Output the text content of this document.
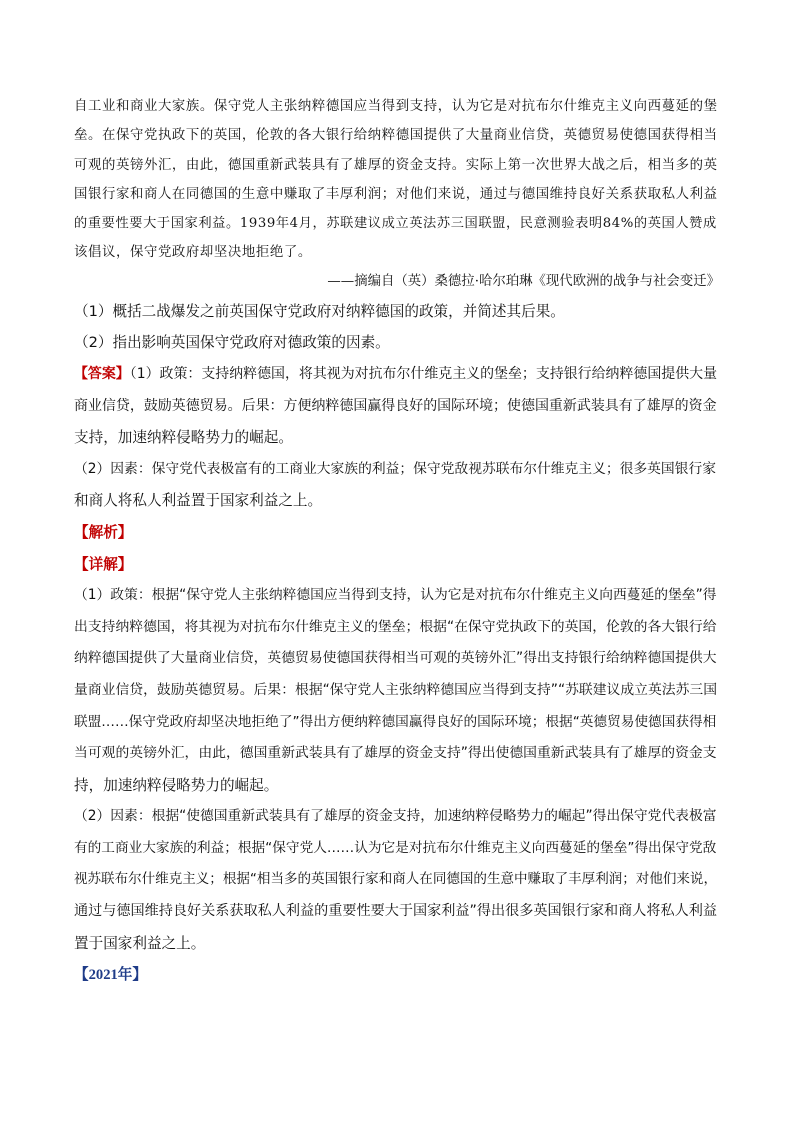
自工业和商业大家族。保守党人主张纳粹德国应当得到支持，认为它是对抗布尔什维克主义向西蔓延的堡
垒。在保守党执政下的英国，伦敦的各大银行给纳粹德国提供了大量商业信贷，英德贸易使德国获得相当
可观的英镑外汇，由此，德国重新武装具有了雄厚的资金支持。实际上第一次世界大战之后，相当多的英
国银行家和商人在同德国的生意中赚取了丰厚利润；对他们来说，通过与德国维持良好关系获取私人利益
的重要性要大于国家利益。1939年4月，苏联建议成立英法苏三国联盟，民意测验表明84%的英国人赞成
该倡议，保守党政府却坚决地拒绝了。

——摘编自（英）桑德拉·哈尔珀琳《现代欧洲的战争与社会变迁》

（1）概括二战爆发之前英国保守党政府对纳粹德国的政策，并简述其后果。

（2）指出影响英国保守党政府对德政策的因素。

【答案】（1）政策：支持纳粹德国，将其视为对抗布尔什维克主义的堡垒；支持银行给纳粹德国提供大量

商业信贷，鼓励英德贸易。后果：方便纳粹德国赢得良好的国际环境；使德国重新武装具有了雄厚的资金

支持，加速纳粹侵略势力的崛起。

（2）因素：保守党代表极富有的工商业大家族的利益；保守党敌视苏联布尔什维克主义；很多英国银行家

和商人将私人利益置于国家利益之上。

【解析】

【详解】

（1）政策：根据“保守党人主张纳粹德国应当得到支持，认为它是对抗布尔什维克主义向西蔓延的堡垒”得

出支持纳粹德国，将其视为对抗布尔什维克主义的堡垒；根据“在保守党执政下的英国，伦敦的各大银行给

纳粹德国提供了大量商业信贷，英德贸易使德国获得相当可观的英镑外汇”得出支持银行给纳粹德国提供大

量商业信贷，鼓励英德贸易。后果：根据“保守党人主张纳粹德国应当得到支持”“苏联建议成立英法苏三国

联盟……保守党政府却坚决地拒绝了”得出方便纳粹德国赢得良好的国际环境；根据“英德贸易使德国获得相

当可观的英镑外汇，由此，德国重新武装具有了雄厚的资金支持”得出使德国重新武装具有了雄厚的资金支

持，加速纳粹侵略势力的崛起。

（2）因素：根据“使德国重新武装具有了雄厚的资金支持，加速纳粹侵略势力的崛起”得出保守党代表极富

有的工商业大家族的利益；根据“保守党人……认为它是对抗布尔什维克主义向西蔓延的堡垒”得出保守党敌

视苏联布尔什维克主义；根据“相当多的英国银行家和商人在同德国的生意中赚取了丰厚利润；对他们来说，

通过与德国维持良好关系获取私人利益的重要性要大于国家利益”得出很多英国银行家和商人将私人利益

置于国家利益之上。

【2021年】
